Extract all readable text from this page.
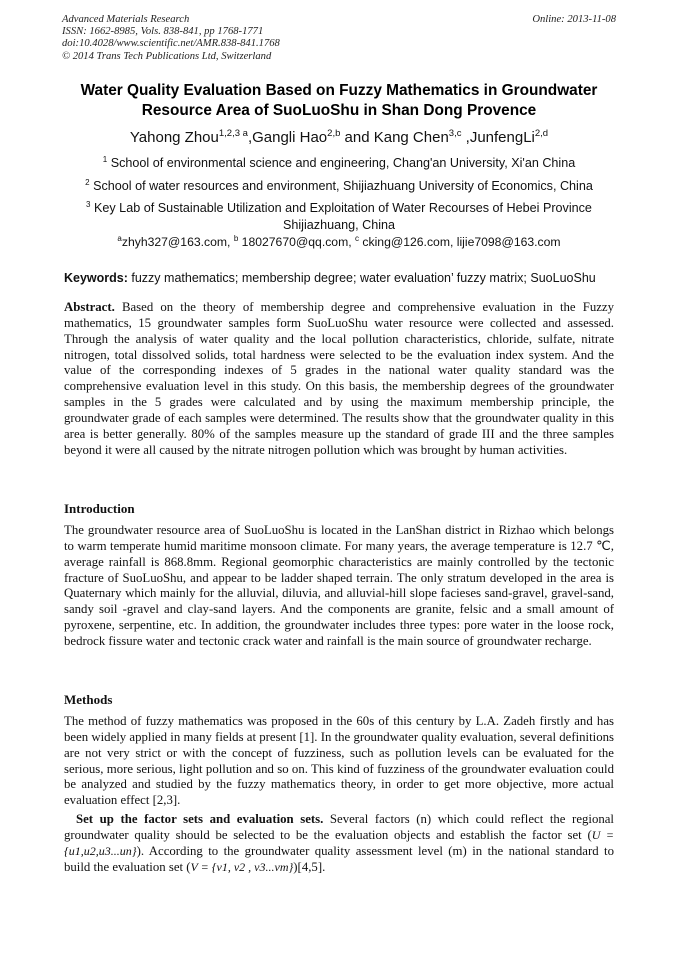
Advanced Materials Research
ISSN: 1662-8985, Vols. 838-841, pp 1768-1771
doi:10.4028/www.scientific.net/AMR.838-841.1768
© 2014 Trans Tech Publications Ltd, Switzerland
Online: 2013-11-08
Water Quality Evaluation Based on Fuzzy Mathematics in Groundwater
Resource Area of SuoLuoShu in Shan Dong Provence
Yahong Zhou$^{1,2,3 a}$,Gangli Hao$^{2,b}$ and Kang Chen$^{3,c}$ ,JunfengLi$^{2,d}$
$^1$ School of environmental science and engineering, Chang'an University, Xi'an China
$^2$ School of water resources and environment, Shijiazhuang University of Economics, China
$^3$ Key Lab of Sustainable Utilization and Exploitation of Water Recourses of Hebei Province
Shijiazhuang, China
$^a$zhyh327@163.com, $^b$ 18027670@qq.com, $^c$ cking@126.com, lijie7098@163.com
Keywords: fuzzy mathematics; membership degree; water evaluation’ fuzzy matrix; SuoLuoShu
Abstract. Based on the theory of membership degree and comprehensive evaluation in the Fuzzy mathematics, 15 groundwater samples form SuoLuoShu water resource were collected and assessed. Through the analysis of water quality and the local pollution characteristics, chloride, sulfate, nitrate nitrogen, total dissolved solids, total hardness were selected to be the evaluation index system. And the value of the corresponding indexes of 5 grades in the national water quality standard was the comprehensive evaluation level in this study. On this basis, the membership degrees of the groundwater samples in the 5 grades were calculated and by using the maximum membership principle, the groundwater grade of each samples were determined. The results show that the groundwater quality in this area is better generally. 80% of the samples measure up the standard of grade III and the three samples beyond it were all caused by the nitrate nitrogen pollution which was brought by human activities.
Introduction
The groundwater resource area of SuoLuoShu is located in the LanShan district in Rizhao which belongs to warm temperate humid maritime monsoon climate. For many years, the average temperature is 12.7 ℃, average rainfall is 868.8mm. Regional geomorphic characteristics are mainly controlled by the tectonic fracture of SuoLuoShu, and appear to be ladder shaped terrain. The only stratum developed in the area is Quaternary which mainly for the alluvial, diluvia, and alluvial-hill slope facieses sand-gravel, gravel-sand, sandy soil -gravel and clay-sand layers. And the components are granite, felsic and a small amount of pyroxene, serpentine, etc. In addition, the groundwater includes three types: pore water in the loose rock, bedrock fissure water and tectonic crack water and rainfall is the main source of groundwater recharge.
Methods
The method of fuzzy mathematics was proposed in the 60s of this century by L.A. Zadeh firstly and has been widely applied in many fields at present [1]. In the groundwater quality evaluation, several definitions are not very strict or with the concept of fuzziness, such as pollution levels can be evaluated for the serious, more serious, light pollution and so on. This kind of fuzziness of the groundwater evaluation could be analyzed and studied by the fuzzy mathematics theory, in order to get more objective, more actual evaluation effect [2,3].
Set up the factor sets and evaluation sets. Several factors (n) which could reflect the regional groundwater quality should be selected to be the evaluation objects and establish the factor set (U = {u1,u2,u3...un}). According to the groundwater quality assessment level (m) in the national standard to build the evaluation set (V = {v1, v2 , v3...vm})[4,5].
